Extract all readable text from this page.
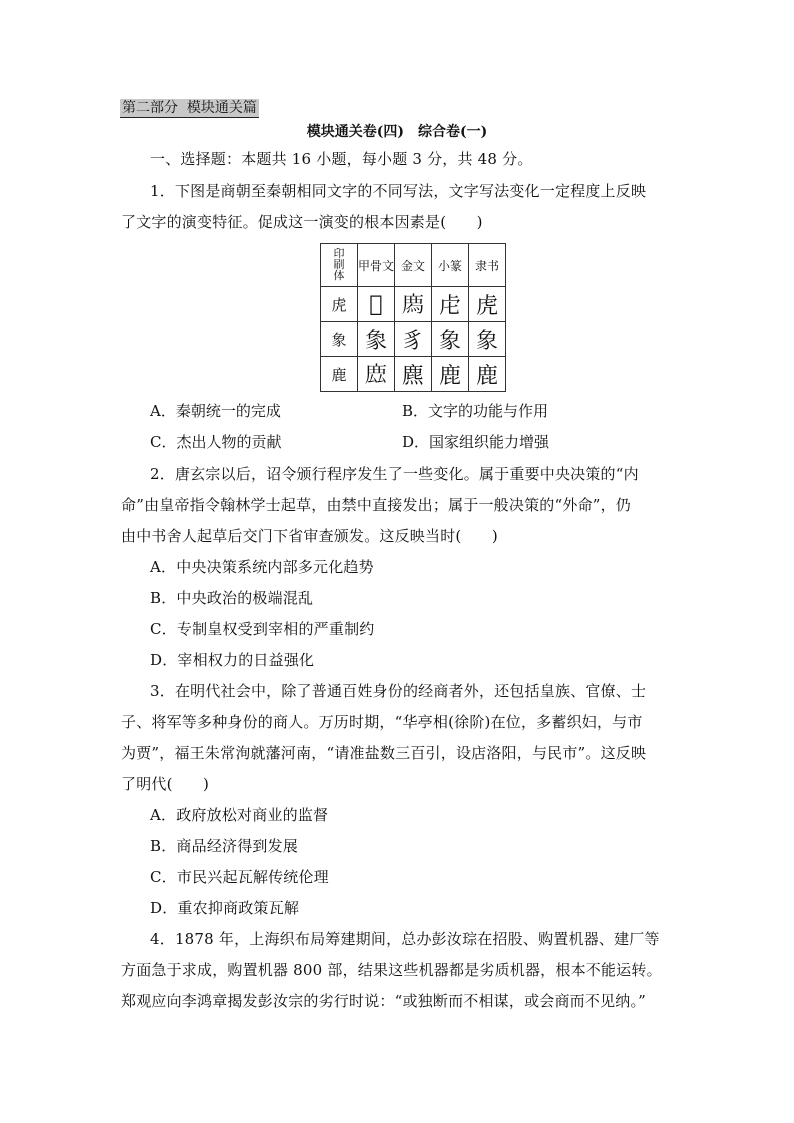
第二部分  模块通关篇
模块通关卷(四)　综合卷(一)
一、选择题：本题共 16 小题，每小题 3 分，共 48 分。
1．下图是商朝至秦朝相同文字的不同写法，文字写法变化一定程度上反映
了文字的演变特征。促成这一演变的根本因素是(　　)
印刷体	甲骨文	金文	小篆	隶书
虎	𤉲	𢊁	虍	虎
象	𧰼	豸	象	象
鹿	𢉖	麃	鹿	鹿
A．秦朝统一的完成	B．文字的功能与作用
C．杰出人物的贡献	D．国家组织能力增强
2．唐玄宗以后，诏令颁行程序发生了一些变化。属于重要中央决策的“内
命”由皇帝指令翰林学士起草，由禁中直接发出；属于一般决策的“外命”，仍
由中书舍人起草后交门下省审查颁发。这反映当时(　　)
A．中央决策系统内部多元化趋势
B．中央政治的极端混乱
C．专制皇权受到宰相的严重制约
D．宰相权力的日益强化
3．在明代社会中，除了普通百姓身份的经商者外，还包括皇族、官僚、士
子、将军等多种身份的商人。万历时期，“华亭相(徐阶)在位，多蓄织妇，与市
为贾”，福王朱常洵就藩河南，“请准盐数三百引，设店洛阳，与民市”。这反映
了明代(　　)
A．政府放松对商业的监督
B．商品经济得到发展
C．市民兴起瓦解传统伦理
D．重农抑商政策瓦解
4．1878 年，上海织布局筹建期间，总办彭汝琮在招股、购置机器、建厂等
方面急于求成，购置机器 800 部，结果这些机器都是劣质机器，根本不能运转。
郑观应向李鸿章揭发彭汝宗的劣行时说：“或独断而不相谋，或会商而不见纳。”
